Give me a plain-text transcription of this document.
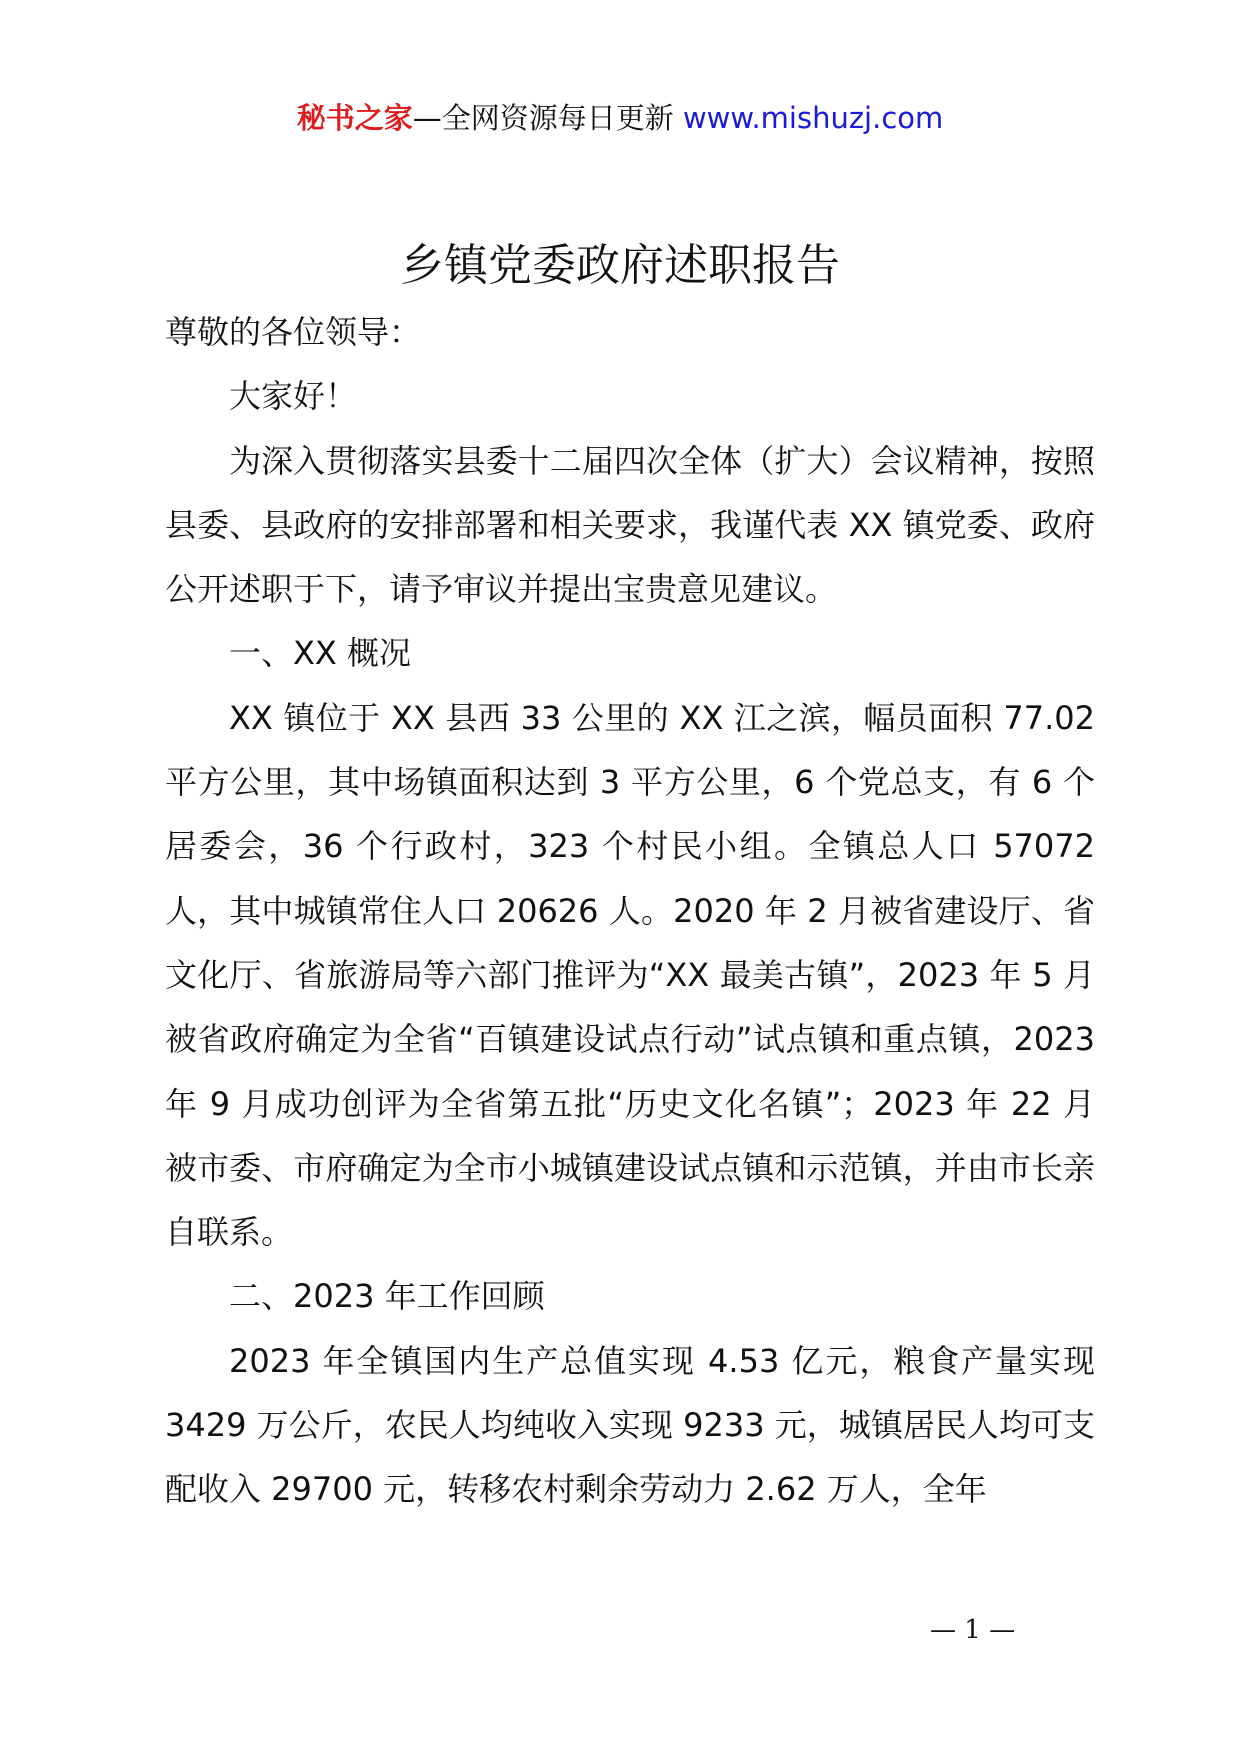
秘书之家—全网资源每日更新 www.mishuzj.com
乡镇党委政府述职报告

尊敬的各位领导：

大家好！

为深入贯彻落实县委十二届四次全体（扩大）会议精神，按照县委、县政府的安排部署和相关要求，我谨代表 XX 镇党委、政府公开述职于下，请予审议并提出宝贵意见建议。

一、XX 概况

XX 镇位于 XX 县西 33 公里的 XX 江之滨，幅员面积 77.02 平方公里，其中场镇面积达到 3 平方公里，6 个党总支，有 6 个居委会，36 个行政村，323 个村民小组。全镇总人口 57072 人，其中城镇常住人口 20626 人。2020 年 2 月被省建设厅、省文化厅、省旅游局等六部门推评为“XX 最美古镇”，2023 年 5 月被省政府确定为全省“百镇建设试点行动”试点镇和重点镇，2023 年 9 月成功创评为全省第五批“历史文化名镇”；2023 年 22 月被市委、市府确定为全市小城镇建设试点镇和示范镇，并由市长亲自联系。

二、2023 年工作回顾

2023 年全镇国内生产总值实现 4.53 亿元，粮食产量实现 3429 万公斤，农民人均纯收入实现 9233 元，城镇居民人均可支配收入 29700 元，转移农村剩余劳动力 2.62 万人，全年

— 1 —
